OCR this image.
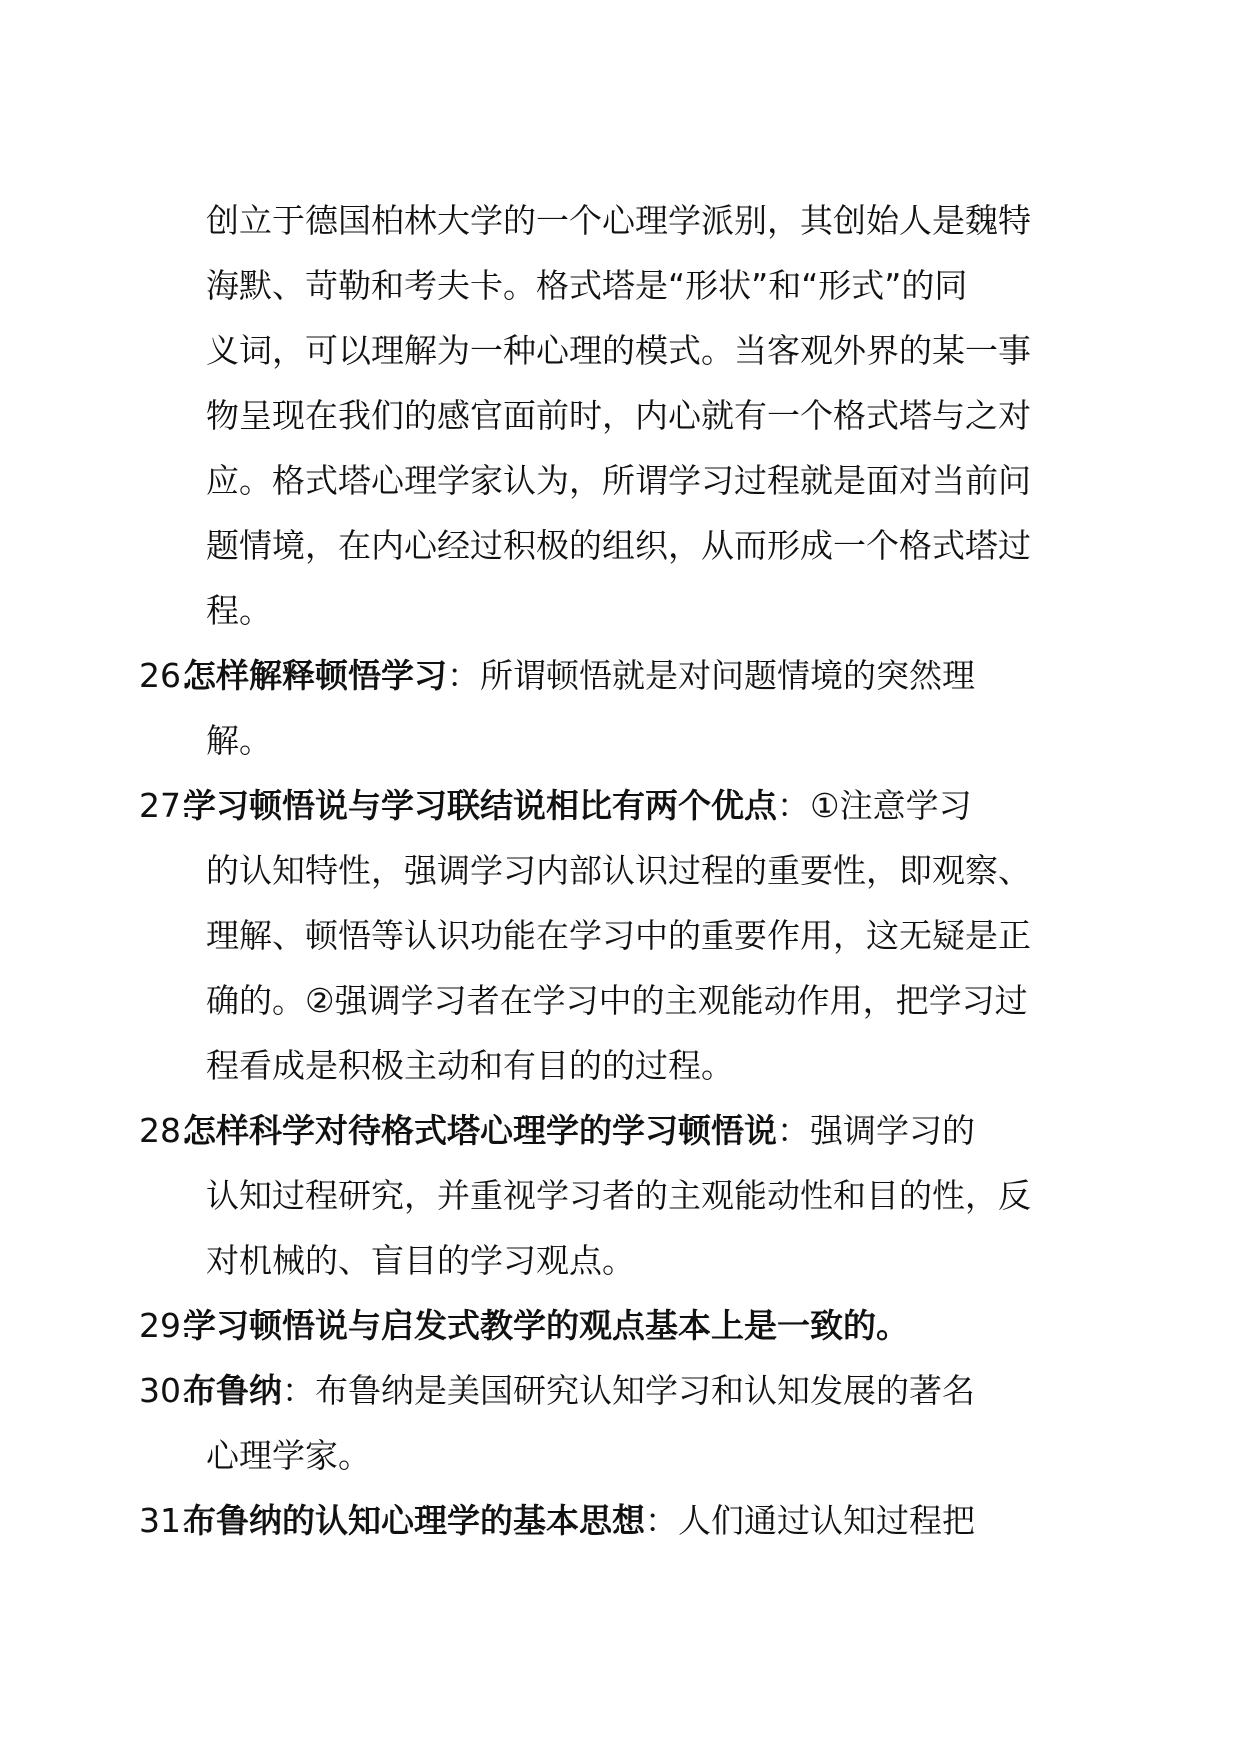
创立于德国柏林大学的一个心理学派别，其创始人是魏特
海默、苛勒和考夫卡。格式塔是“形状”和“形式”的同
义词，可以理解为一种心理的模式。当客观外界的某一事
物呈现在我们的感官面前时，内心就有一个格式塔与之对
应。格式塔心理学家认为，所谓学习过程就是面对当前问
题情境，在内心经过积极的组织，从而形成一个格式塔过
程。
26.怎样解释顿悟学习：所谓顿悟就是对问题情境的突然理
解。
27.学习顿悟说与学习联结说相比有两个优点：①注意学习
的认知特性，强调学习内部认识过程的重要性，即观察、
理解、顿悟等认识功能在学习中的重要作用，这无疑是正
确的。②强调学习者在学习中的主观能动作用，把学习过
程看成是积极主动和有目的的过程。
28.怎样科学对待格式塔心理学的学习顿悟说：强调学习的
认知过程研究，并重视学习者的主观能动性和目的性，反
对机械的、盲目的学习观点。
29.学习顿悟说与启发式教学的观点基本上是一致的。
30.布鲁纳：布鲁纳是美国研究认知学习和认知发展的著名
心理学家。
31.布鲁纳的认知心理学的基本思想：人们通过认知过程把
